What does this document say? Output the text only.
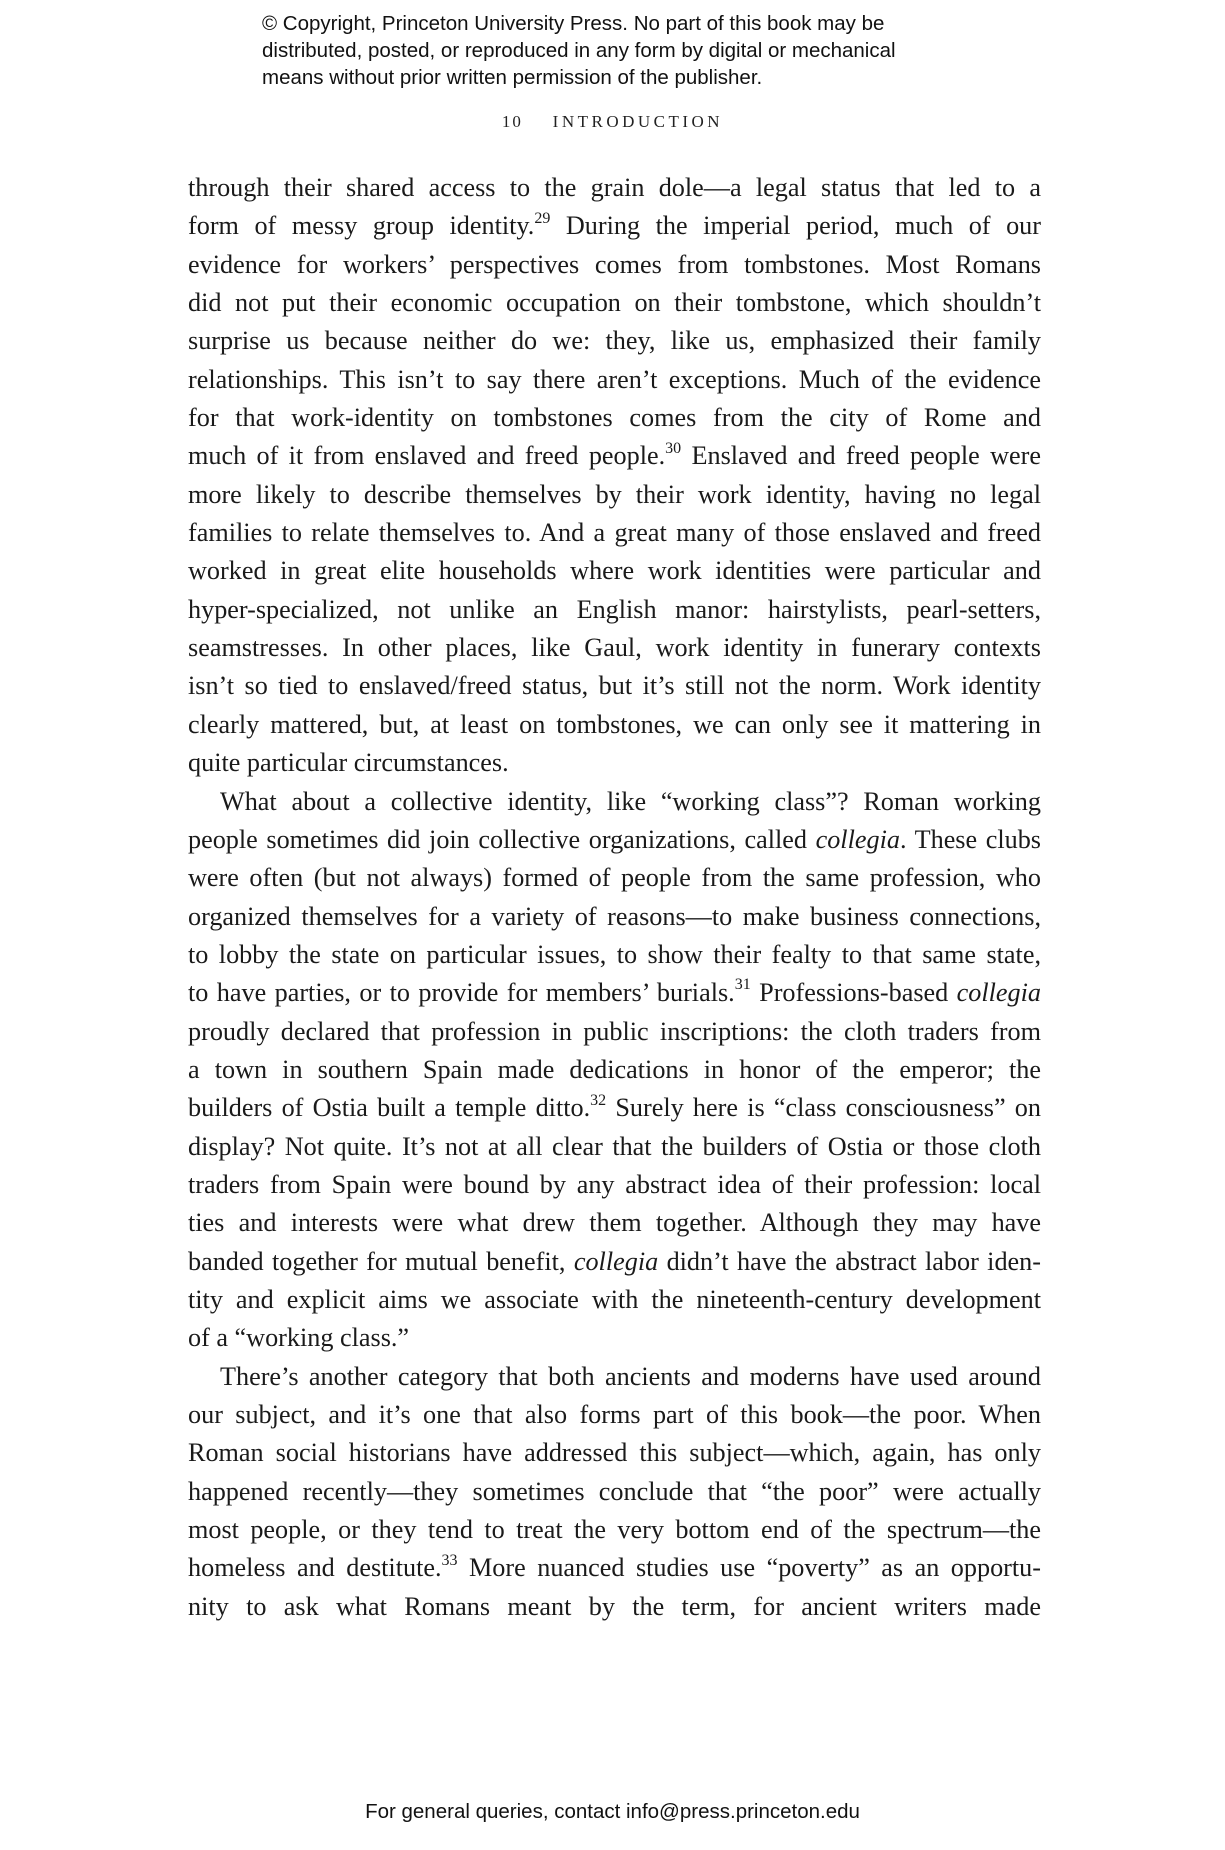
© Copyright, Princeton University Press. No part of this book may be
distributed, posted, or reproduced in any form by digital or mechanical
means without prior written permission of the publisher.
10 INTRODUCTION
through their shared access to the grain dole—a legal status that led to a
form of messy group identity.$^{29}$ During the imperial period, much of our
evidence for workers’ perspectives comes from tombstones. Most Romans
did not put their economic occupation on their tombstone, which shouldn’t
surprise us because neither do we: they, like us, emphasized their family
relationships. This isn’t to say there aren’t exceptions. Much of the evidence
for that work-identity on tombstones comes from the city of Rome and
much of it from enslaved and freed people.$^{30}$ Enslaved and freed people were
more likely to describe themselves by their work identity, having no legal
families to relate themselves to. And a great many of those enslaved and freed
worked in great elite households where work identities were particular and
hyper-specialized, not unlike an English manor: hairstylists, pearl-setters,
seamstresses. In other places, like Gaul, work identity in funerary contexts
isn’t so tied to enslaved/freed status, but it’s still not the norm. Work identity
clearly mattered, but, at least on tombstones, we can only see it mattering in
quite particular circumstances.
What about a collective identity, like “working class”? Roman working
people sometimes did join collective organizations, called collegia. These clubs
were often (but not always) formed of people from the same profession, who
organized themselves for a variety of reasons—to make business connections,
to lobby the state on particular issues, to show their fealty to that same state,
to have parties, or to provide for members’ burials.$^{31}$ Professions-based collegia
proudly declared that profession in public inscriptions: the cloth traders from
a town in southern Spain made dedications in honor of the emperor; the
builders of Ostia built a temple ditto.$^{32}$ Surely here is “class consciousness” on
display? Not quite. It’s not at all clear that the builders of Ostia or those cloth
traders from Spain were bound by any abstract idea of their profession: local
ties and interests were what drew them together. Although they may have
banded together for mutual benefit, collegia didn’t have the abstract labor iden-
tity and explicit aims we associate with the nineteenth-century development
of a “working class.”
There’s another category that both ancients and moderns have used around
our subject, and it’s one that also forms part of this book—the poor. When
Roman social historians have addressed this subject—which, again, has only
happened recently—they sometimes conclude that “the poor” were actually
most people, or they tend to treat the very bottom end of the spectrum—the
homeless and destitute.$^{33}$ More nuanced studies use “poverty” as an opportu-
nity to ask what Romans meant by the term, for ancient writers made
For general queries, contact info@press.princeton.edu
